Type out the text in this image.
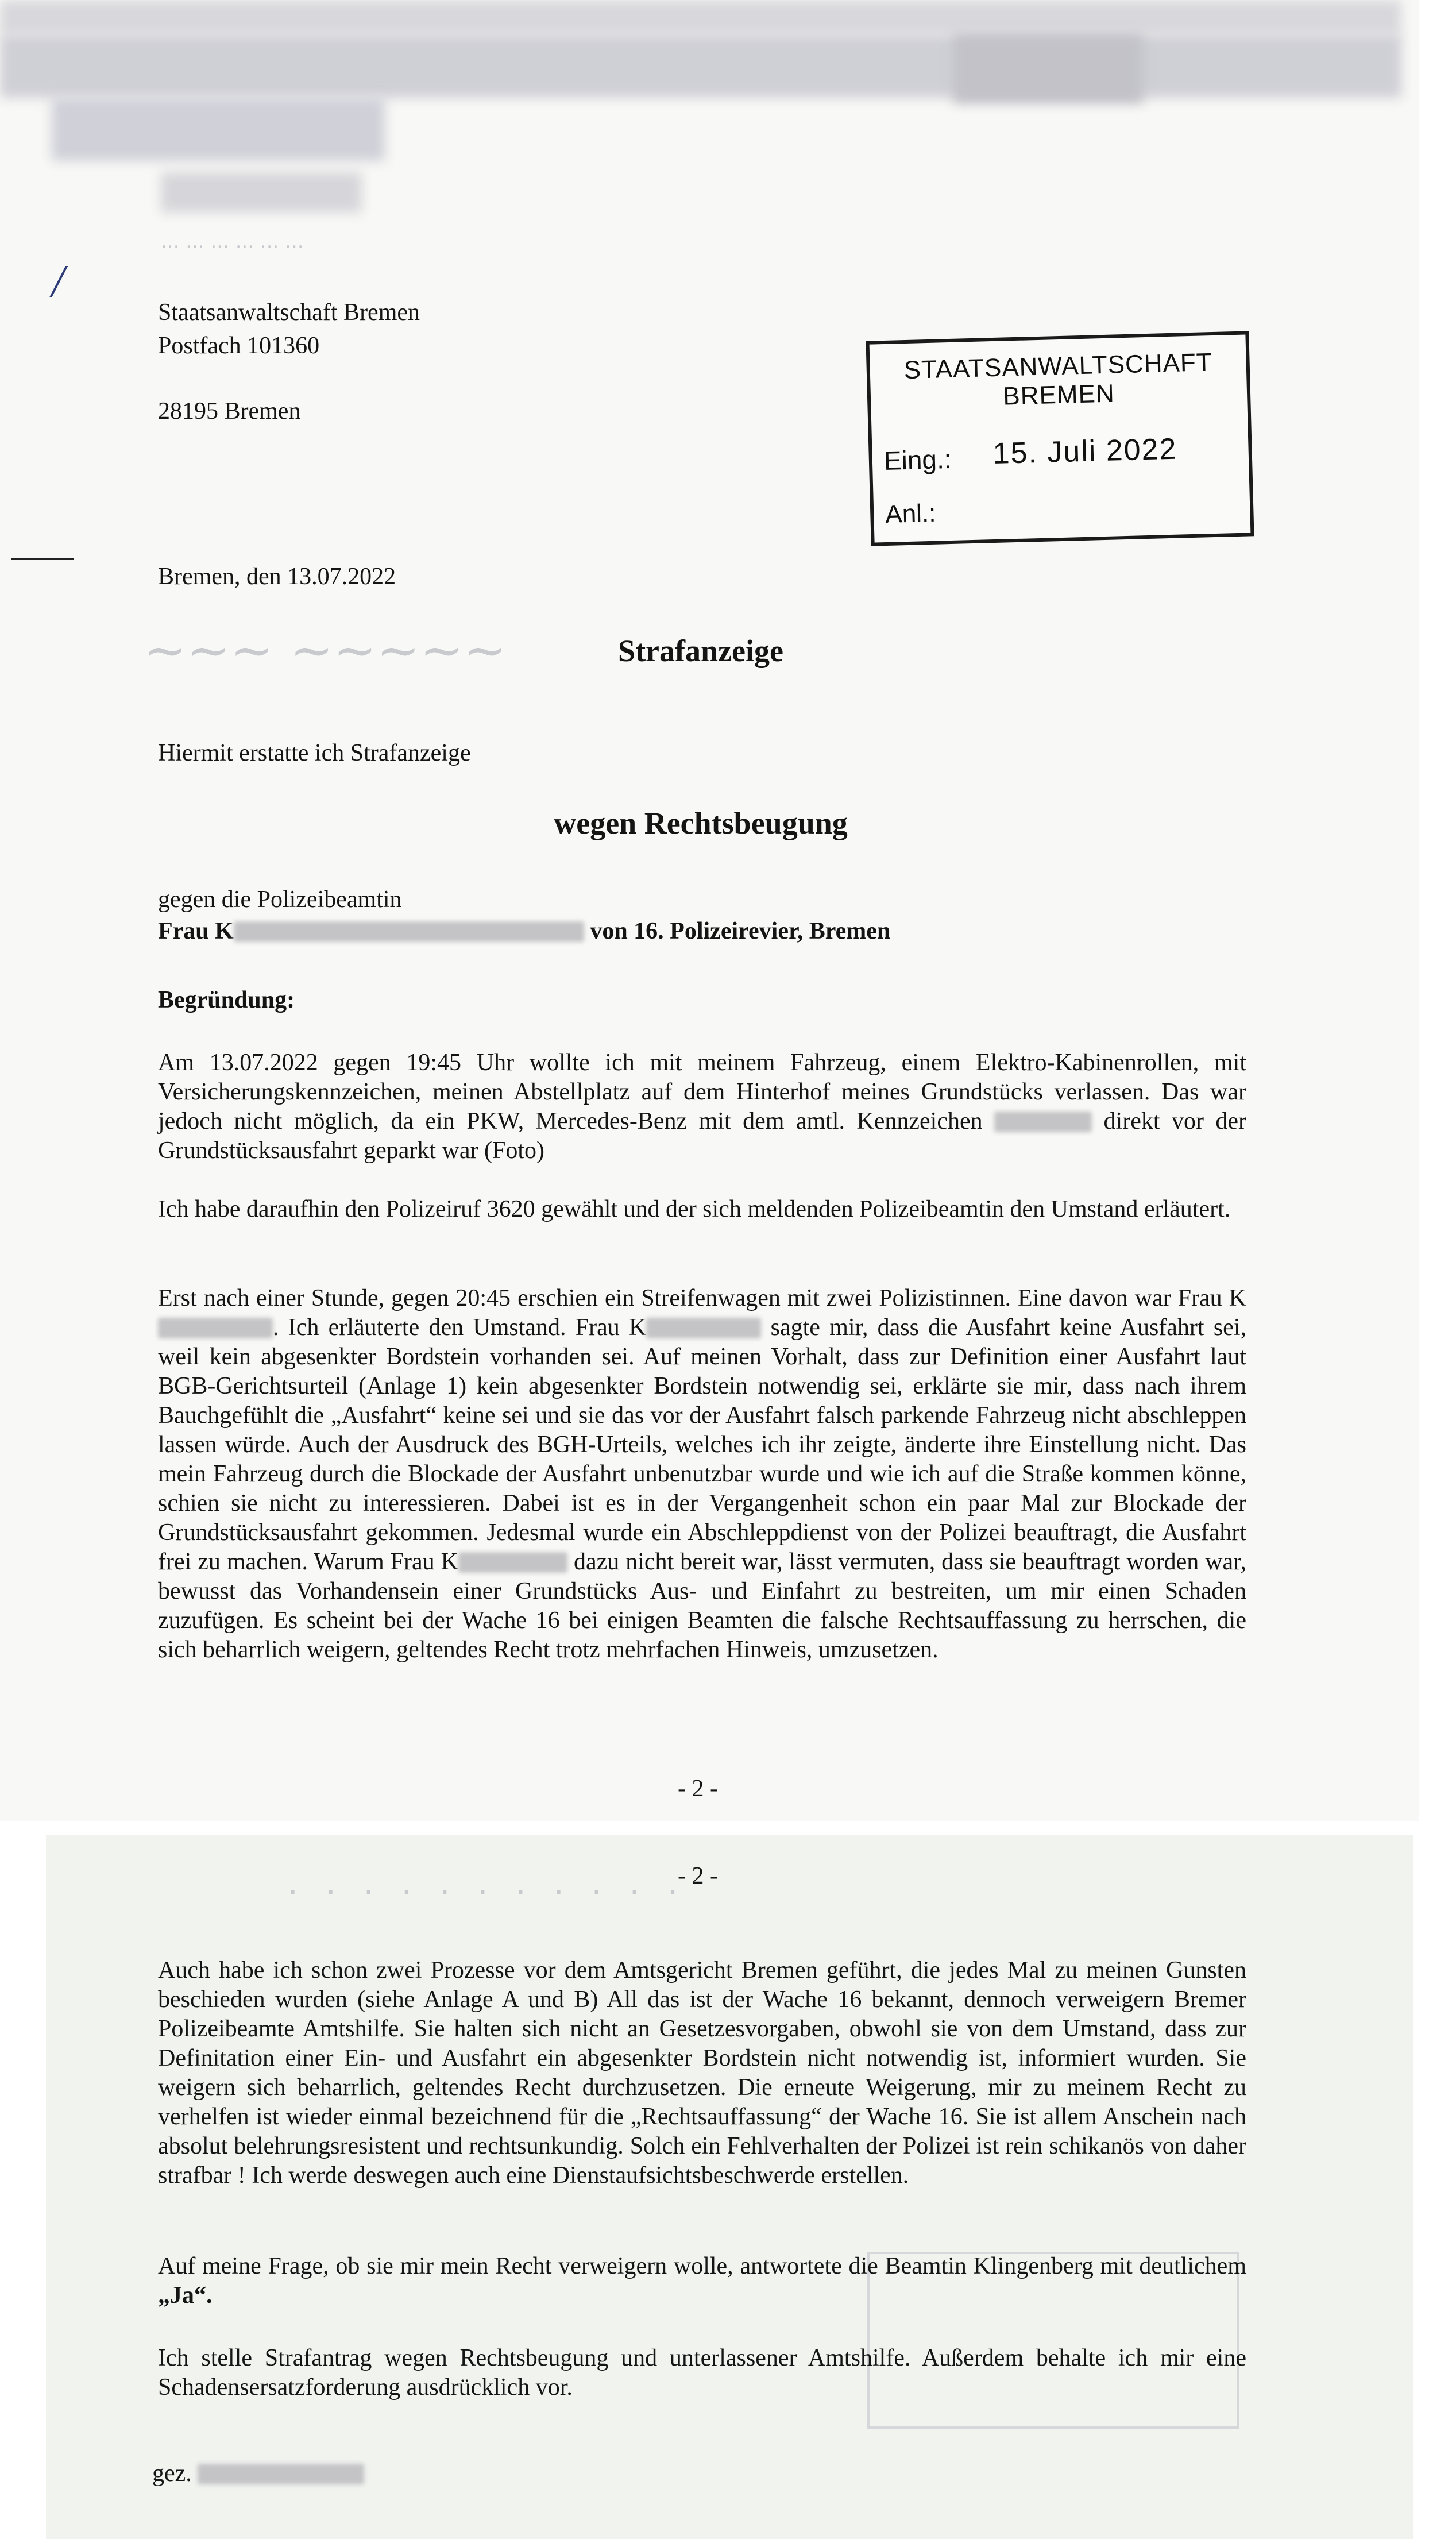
··· ··· ··· ··· ··· ···
~~~ ~~~~~
/
Staatsanwaltschaft Bremen
Postfach 101360
28195 Bremen
STAATSANWALTSCHAFT BREMEN
Eing.: 15. Juli 2022
Anl.:
Bremen, den 13.07.2022
Strafanzeige
Hiermit erstatte ich Strafanzeige
wegen Rechtsbeugung
gegen die Polizeibeamtin
Frau K	von 16. Polizeirevier, Bremen
Begründung:

Am 13.07.2022 gegen 19:45 Uhr wollte ich mit meinem Fahrzeug, einem Elektro-Kabinenrollen, mit Versicherungskennzeichen, meinen Abstellplatz auf dem Hinterhof meines Grundstücks verlassen. Das war jedoch nicht möglich, da ein PKW, Mercedes-Benz mit dem amtl. Kennzeichen	direkt vor der Grundstücksausfahrt geparkt war (Foto)

Ich habe daraufhin den Polizeiruf 3620 gewählt und der sich meldenden Polizeibeamtin den Umstand erläutert.

Erst nach einer Stunde, gegen 20:45 erschien ein Streifenwagen mit zwei Polizistinnen. Eine davon war Frau K. Ich erläuterte den Umstand. Frau K	sagte mir, dass die Ausfahrt keine Ausfahrt sei, weil kein abgesenkter Bordstein vorhanden sei. Auf meinen Vorhalt, dass zur Definition einer Ausfahrt laut BGB-Gerichtsurteil (Anlage 1) kein abgesenkter Bordstein notwendig sei, erklärte sie mir, dass nach ihrem Bauchgefühlt die „Ausfahrt“ keine sei und sie das vor der Ausfahrt falsch parkende Fahrzeug nicht abschleppen lassen würde. Auch der Ausdruck des BGH-Urteils, welches ich ihr zeigte, änderte ihre Einstellung nicht. Das mein Fahrzeug durch die Blockade der Ausfahrt unbenutzbar wurde und wie ich auf die Straße kommen könne, schien sie nicht zu interessieren. Dabei ist es in der Vergangenheit schon ein paar Mal zur Blockade der Grundstücksausfahrt gekommen. Jedesmal wurde ein Abschleppdienst von der Polizei beauftragt, die Ausfahrt frei zu machen. Warum Frau K	dazu nicht bereit war, lässt vermuten, dass sie beauftragt worden war, bewusst das Vorhandensein einer Grundstücks Aus- und Einfahrt zu bestreiten, um mir einen Schaden zuzufügen. Es scheint bei der Wache 16 bei einigen Beamten die falsche Rechtsauffassung zu herrschen, die sich beharrlich weigern, geltendes Recht trotz mehrfachen Hinweis, umzusetzen.

- 2 -
· · · · · · · · · · ·
- 2 -

Auch habe ich schon zwei Prozesse vor dem Amtsgericht Bremen geführt, die jedes Mal zu meinen Gunsten beschieden wurden (siehe Anlage A und B) All das ist der Wache 16 bekannt, dennoch verweigern Bremer Polizeibeamte Amtshilfe. Sie halten sich nicht an Gesetzesvorgaben, obwohl sie von dem Umstand, dass zur Definitation einer Ein- und Ausfahrt ein abgesenkter Bordstein nicht notwendig ist, informiert wurden. Sie weigern sich beharrlich, geltendes Recht durchzusetzen. Die erneute Weigerung, mir zu meinem Recht zu verhelfen ist wieder einmal bezeichnend für die „Rechtsauffassung“ der Wache 16. Sie ist allem Anschein nach absolut belehrungsresistent und rechtsunkundig. Solch ein Fehlverhalten der Polizei ist rein schikanös von daher strafbar ! Ich werde deswegen auch eine Dienstaufsichtsbeschwerde erstellen.

Auf meine Frage, ob sie mir mein Recht verweigern wolle, antwortete die Beamtin Klingenberg mit deutlichem „Ja“.

Ich stelle Strafantrag wegen Rechtsbeugung und unterlassener Amtshilfe. Außerdem behalte ich mir eine Schadensersatzforderung ausdrücklich vor.

gez.
